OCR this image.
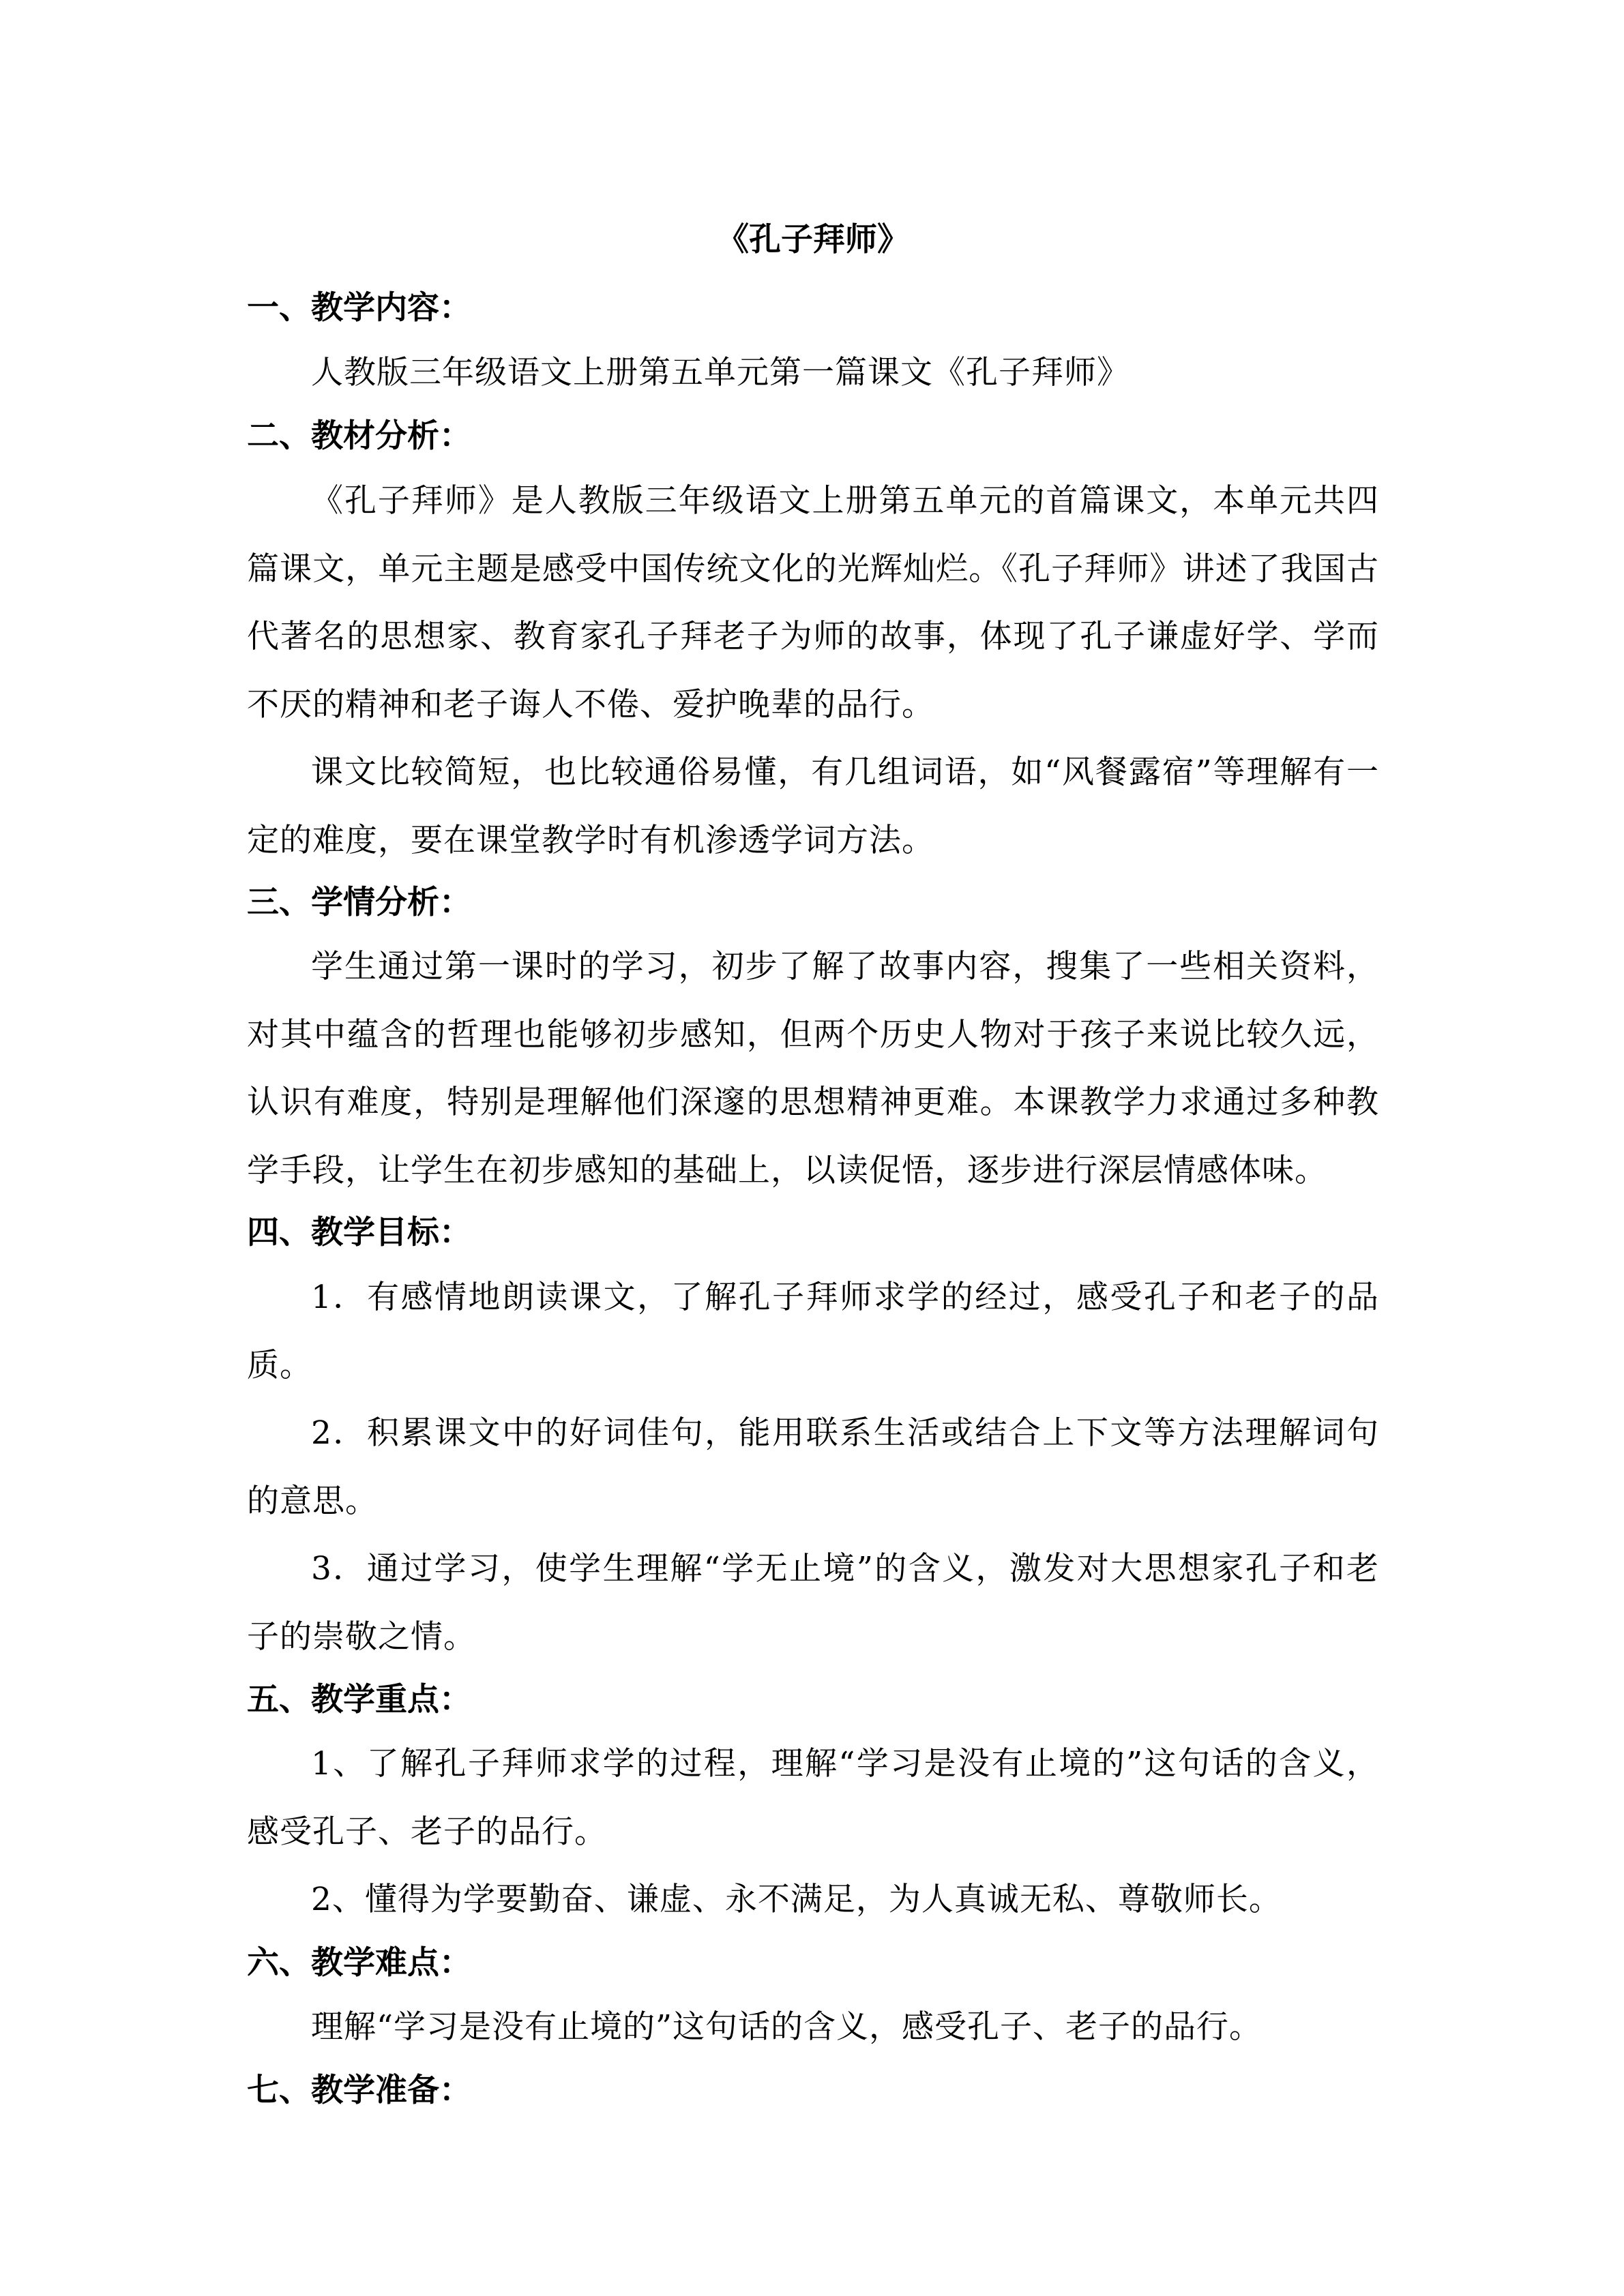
《孔子拜师》
一、教学内容：
人教版三年级语文上册第五单元第一篇课文《孔子拜师》
二、教材分析：
《孔子拜师》是人教版三年级语文上册第五单元的首篇课文，本单元共四篇课文，单元主题是感受中国传统文化的光辉灿烂。《孔子拜师》讲述了我国古代著名的思想家、教育家孔子拜老子为师的故事，体现了孔子谦虚好学、学而不厌的精神和老子诲人不倦、爱护晚辈的品行。
课文比较简短，也比较通俗易懂，有几组词语，如“风餐露宿”等理解有一定的难度，要在课堂教学时有机渗透学词方法。
三、学情分析：
学生通过第一课时的学习，初步了解了故事内容，搜集了一些相关资料，对其中蕴含的哲理也能够初步感知，但两个历史人物对于孩子来说比较久远，认识有难度，特别是理解他们深邃的思想精神更难。本课教学力求通过多种教学手段，让学生在初步感知的基础上，以读促悟，逐步进行深层情感体味。
四、教学目标：
1．有感情地朗读课文，了解孔子拜师求学的经过，感受孔子和老子的品质。
2．积累课文中的好词佳句，能用联系生活或结合上下文等方法理解词句的意思。
3．通过学习，使学生理解“学无止境”的含义，激发对大思想家孔子和老子的崇敬之情。
五、教学重点：
1、了解孔子拜师求学的过程，理解“学习是没有止境的”这句话的含义，感受孔子、老子的品行。
2、懂得为学要勤奋、谦虚、永不满足，为人真诚无私、尊敬师长。
六、教学难点：
理解“学习是没有止境的”这句话的含义，感受孔子、老子的品行。
七、教学准备：
